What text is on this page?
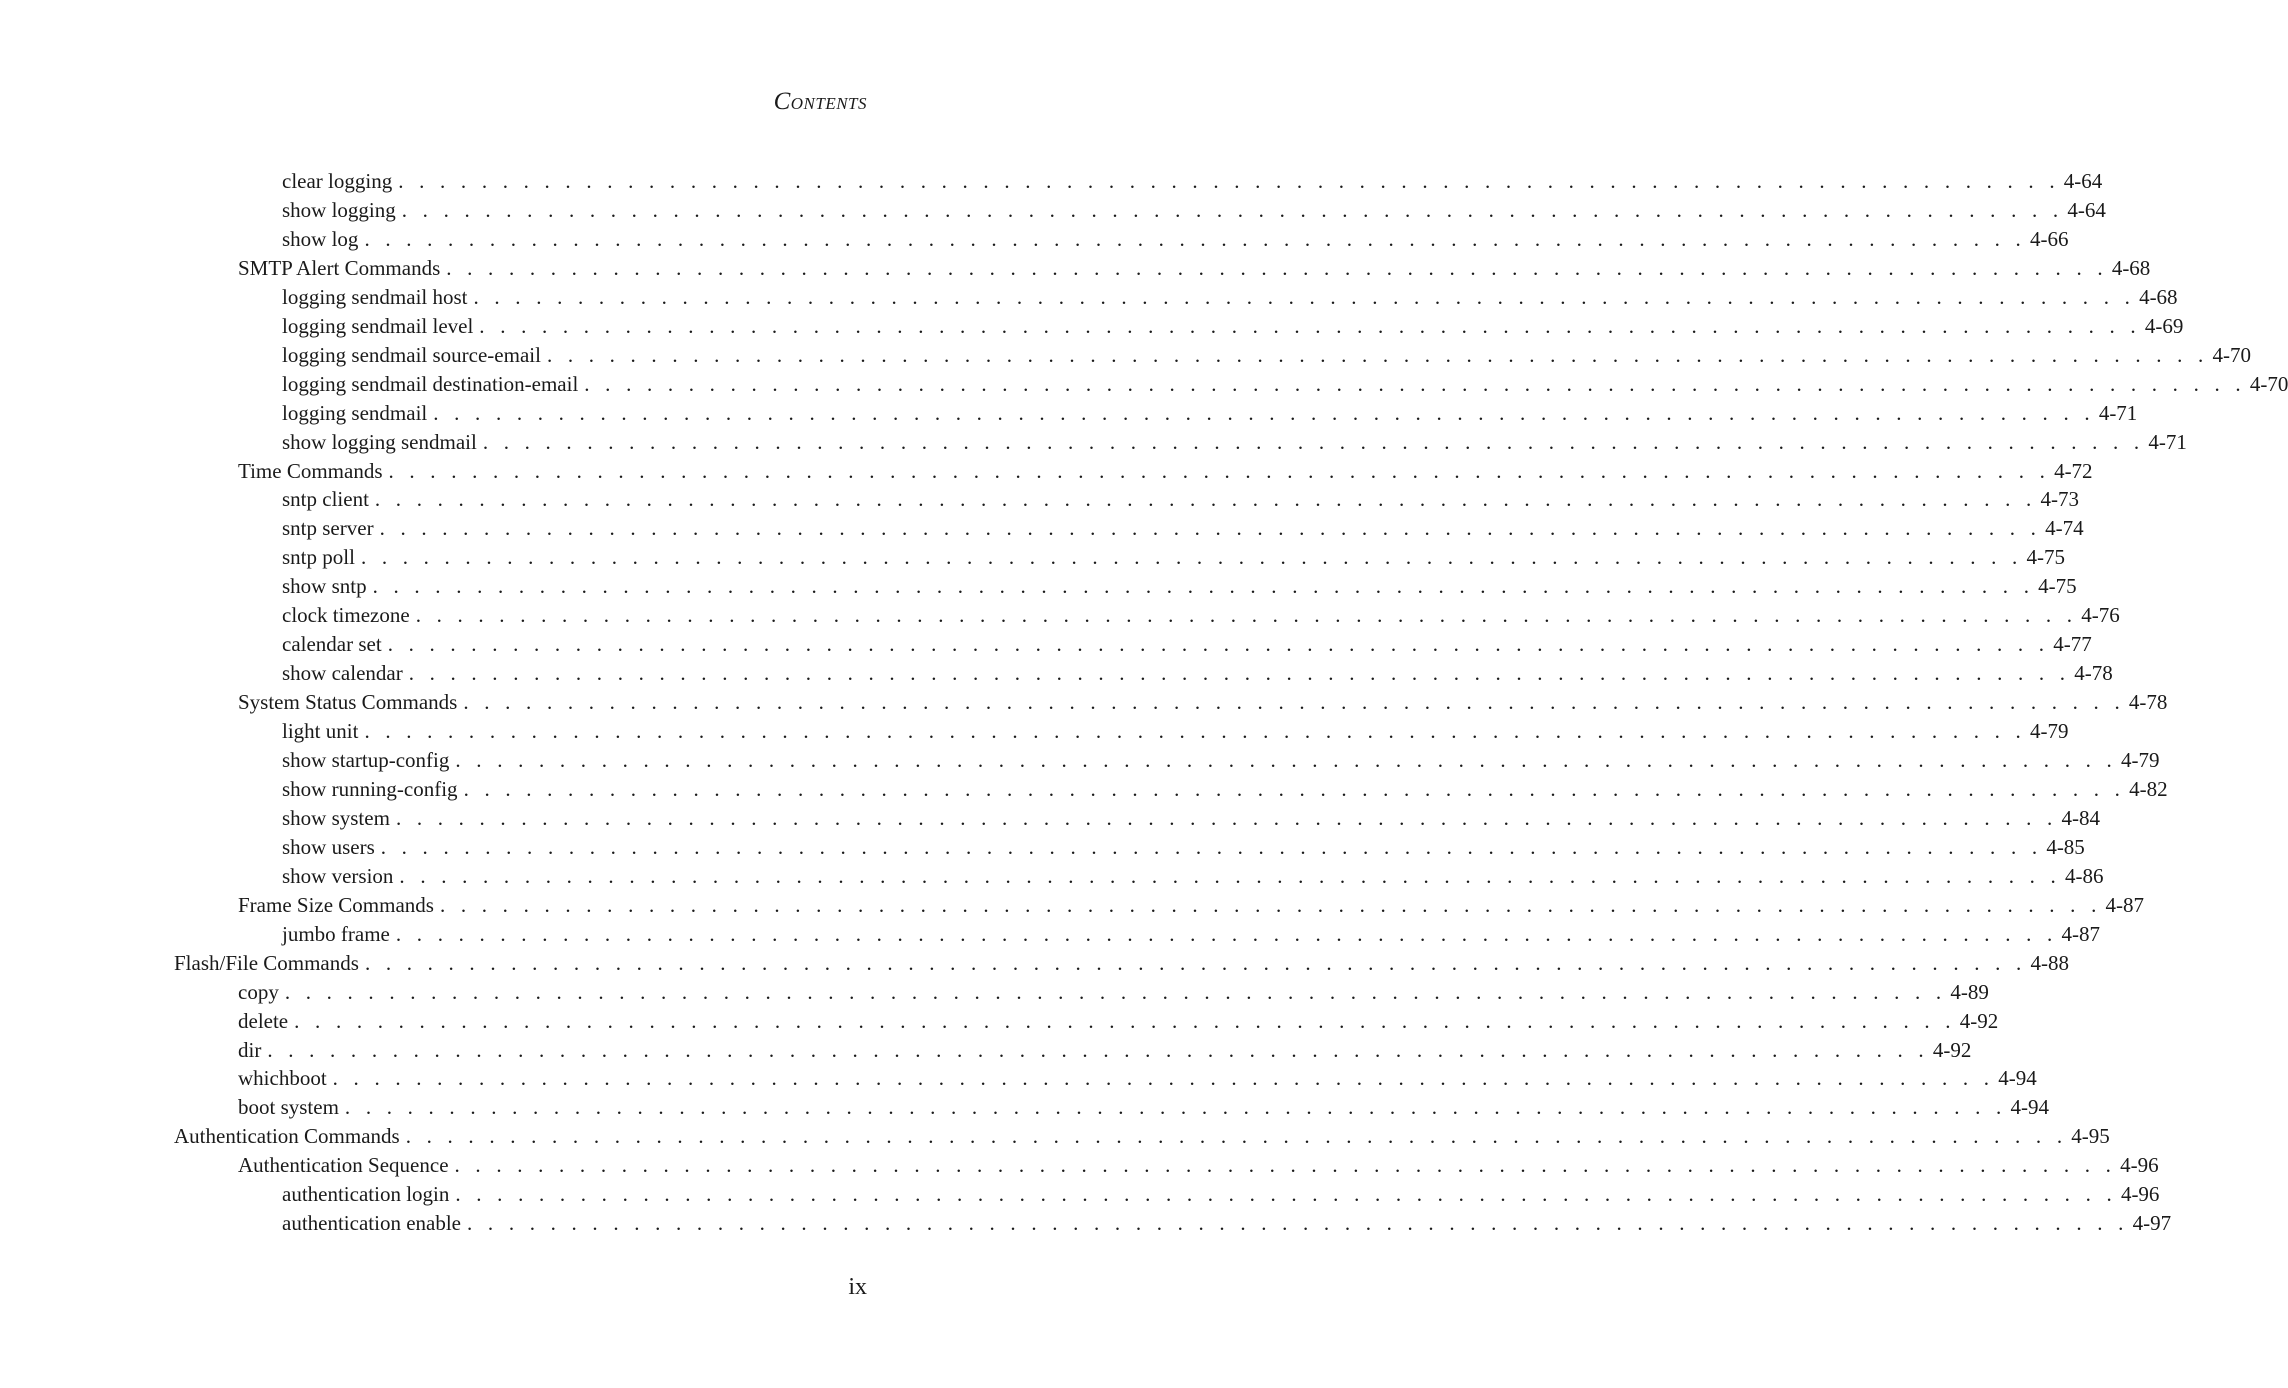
CONTENTS
clear logging . . . . . . . . . . . . . . . . . . . . . . . . . . . . . . . . . . . . . . . . . . . . . . . . . . . . . . . . . . . . . . . . . . . . . . . . . . . . . . . . 4-64
show logging . . . . . . . . . . . . . . . . . . . . . . . . . . . . . . . . . . . . . . . . . . . . . . . . . . . . . . . . . . . . . . . . . . . . . . . . . . . . . . . . 4-64
show log . . . . . . . . . . . . . . . . . . . . . . . . . . . . . . . . . . . . . . . . . . . . . . . . . . . . . . . . . . . . . . . . . . . . . . . . . . . . . . . . 4-66
SMTP Alert Commands . . . . . . . . . . . . . . . . . . . . . . . . . . . . . . . . . . . . . . . . . . . . . . . . . . . . . . . . . . . . . . . . . . . . . . . . . . . . . . . . 4-68
logging sendmail host . . . . . . . . . . . . . . . . . . . . . . . . . . . . . . . . . . . . . . . . . . . . . . . . . . . . . . . . . . . . . . . . . . . . . . . . . . . . . . . . 4-68
logging sendmail level . . . . . . . . . . . . . . . . . . . . . . . . . . . . . . . . . . . . . . . . . . . . . . . . . . . . . . . . . . . . . . . . . . . . . . . . . . . . . . . . 4-69
logging sendmail source-email . . . . . . . . . . . . . . . . . . . . . . . . . . . . . . . . . . . . . . . . . . . . . . . . . . . . . . . . . . . . . . . . . . . . . . . . . . . . . . . . 4-70
logging sendmail destination-email . . . . . . . . . . . . . . . . . . . . . . . . . . . . . . . . . . . . . . . . . . . . . . . . . . . . . . . . . . . . . . . . . . . . . . . . . . . . . . . . 4-70
logging sendmail . . . . . . . . . . . . . . . . . . . . . . . . . . . . . . . . . . . . . . . . . . . . . . . . . . . . . . . . . . . . . . . . . . . . . . . . . . . . . . . . 4-71
show logging sendmail . . . . . . . . . . . . . . . . . . . . . . . . . . . . . . . . . . . . . . . . . . . . . . . . . . . . . . . . . . . . . . . . . . . . . . . . . . . . . . . . 4-71
Time Commands . . . . . . . . . . . . . . . . . . . . . . . . . . . . . . . . . . . . . . . . . . . . . . . . . . . . . . . . . . . . . . . . . . . . . . . . . . . . . . . . 4-72
sntp client . . . . . . . . . . . . . . . . . . . . . . . . . . . . . . . . . . . . . . . . . . . . . . . . . . . . . . . . . . . . . . . . . . . . . . . . . . . . . . . . 4-73
sntp server . . . . . . . . . . . . . . . . . . . . . . . . . . . . . . . . . . . . . . . . . . . . . . . . . . . . . . . . . . . . . . . . . . . . . . . . . . . . . . . . 4-74
sntp poll . . . . . . . . . . . . . . . . . . . . . . . . . . . . . . . . . . . . . . . . . . . . . . . . . . . . . . . . . . . . . . . . . . . . . . . . . . . . . . . . 4-75
show sntp . . . . . . . . . . . . . . . . . . . . . . . . . . . . . . . . . . . . . . . . . . . . . . . . . . . . . . . . . . . . . . . . . . . . . . . . . . . . . . . . 4-75
clock timezone . . . . . . . . . . . . . . . . . . . . . . . . . . . . . . . . . . . . . . . . . . . . . . . . . . . . . . . . . . . . . . . . . . . . . . . . . . . . . . . . 4-76
calendar set . . . . . . . . . . . . . . . . . . . . . . . . . . . . . . . . . . . . . . . . . . . . . . . . . . . . . . . . . . . . . . . . . . . . . . . . . . . . . . . . 4-77
show calendar . . . . . . . . . . . . . . . . . . . . . . . . . . . . . . . . . . . . . . . . . . . . . . . . . . . . . . . . . . . . . . . . . . . . . . . . . . . . . . . . 4-78
System Status Commands . . . . . . . . . . . . . . . . . . . . . . . . . . . . . . . . . . . . . . . . . . . . . . . . . . . . . . . . . . . . . . . . . . . . . . . . . . . . . . . . 4-78
light unit . . . . . . . . . . . . . . . . . . . . . . . . . . . . . . . . . . . . . . . . . . . . . . . . . . . . . . . . . . . . . . . . . . . . . . . . . . . . . . . . 4-79
show startup-config . . . . . . . . . . . . . . . . . . . . . . . . . . . . . . . . . . . . . . . . . . . . . . . . . . . . . . . . . . . . . . . . . . . . . . . . . . . . . . . . 4-79
show running-config . . . . . . . . . . . . . . . . . . . . . . . . . . . . . . . . . . . . . . . . . . . . . . . . . . . . . . . . . . . . . . . . . . . . . . . . . . . . . . . . 4-82
show system . . . . . . . . . . . . . . . . . . . . . . . . . . . . . . . . . . . . . . . . . . . . . . . . . . . . . . . . . . . . . . . . . . . . . . . . . . . . . . . . 4-84
show users . . . . . . . . . . . . . . . . . . . . . . . . . . . . . . . . . . . . . . . . . . . . . . . . . . . . . . . . . . . . . . . . . . . . . . . . . . . . . . . . 4-85
show version . . . . . . . . . . . . . . . . . . . . . . . . . . . . . . . . . . . . . . . . . . . . . . . . . . . . . . . . . . . . . . . . . . . . . . . . . . . . . . . . 4-86
Frame Size Commands . . . . . . . . . . . . . . . . . . . . . . . . . . . . . . . . . . . . . . . . . . . . . . . . . . . . . . . . . . . . . . . . . . . . . . . . . . . . . . . . 4-87
jumbo frame . . . . . . . . . . . . . . . . . . . . . . . . . . . . . . . . . . . . . . . . . . . . . . . . . . . . . . . . . . . . . . . . . . . . . . . . . . . . . . . . 4-87
Flash/File Commands . . . . . . . . . . . . . . . . . . . . . . . . . . . . . . . . . . . . . . . . . . . . . . . . . . . . . . . . . . . . . . . . . . . . . . . . . . . . . . . . 4-88
copy . . . . . . . . . . . . . . . . . . . . . . . . . . . . . . . . . . . . . . . . . . . . . . . . . . . . . . . . . . . . . . . . . . . . . . . . . . . . . . . . 4-89
delete . . . . . . . . . . . . . . . . . . . . . . . . . . . . . . . . . . . . . . . . . . . . . . . . . . . . . . . . . . . . . . . . . . . . . . . . . . . . . . . . 4-92
dir . . . . . . . . . . . . . . . . . . . . . . . . . . . . . . . . . . . . . . . . . . . . . . . . . . . . . . . . . . . . . . . . . . . . . . . . . . . . . . . . 4-92
whichboot . . . . . . . . . . . . . . . . . . . . . . . . . . . . . . . . . . . . . . . . . . . . . . . . . . . . . . . . . . . . . . . . . . . . . . . . . . . . . . . . 4-94
boot system . . . . . . . . . . . . . . . . . . . . . . . . . . . . . . . . . . . . . . . . . . . . . . . . . . . . . . . . . . . . . . . . . . . . . . . . . . . . . . . . 4-94
Authentication Commands . . . . . . . . . . . . . . . . . . . . . . . . . . . . . . . . . . . . . . . . . . . . . . . . . . . . . . . . . . . . . . . . . . . . . . . . . . . . . . . . 4-95
Authentication Sequence . . . . . . . . . . . . . . . . . . . . . . . . . . . . . . . . . . . . . . . . . . . . . . . . . . . . . . . . . . . . . . . . . . . . . . . . . . . . . . . . 4-96
authentication login . . . . . . . . . . . . . . . . . . . . . . . . . . . . . . . . . . . . . . . . . . . . . . . . . . . . . . . . . . . . . . . . . . . . . . . . . . . . . . . . 4-96
authentication enable . . . . . . . . . . . . . . . . . . . . . . . . . . . . . . . . . . . . . . . . . . . . . . . . . . . . . . . . . . . . . . . . . . . . . . . . . . . . . . . . 4-97
ix
